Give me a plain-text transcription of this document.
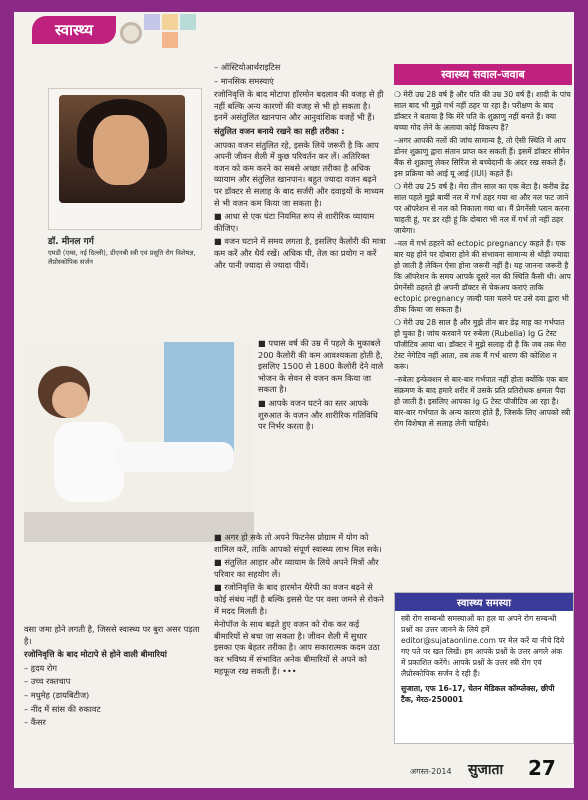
स्वास्थ्य
डॉ. मीनल गर्ग
एमडी (एम्स, नई दिल्ली), डीएनबी स्त्री एवं प्रसूति रोग विशेषज्ञ, लैप्रोस्कोपिक सर्जन

वसा जमा होने लगती है, जिससे स्वास्थ्य पर बुरा असर पड़ता है।

रजोनिवृत्ति के बाद मोटापे से होने वाली बीमारियां

– हृदय रोग

– उच्च रक्तचाप

– मधुमेह (डायबिटीज)

– नींद में सांस की रुकावट

– कैंसर

– ऑस्टियोआर्थराइटिस

– मानसिक समस्याएं

रजोनिवृत्ति के बाद मोटापा हॉरमोन बदलाव की वजह से ही नहीं बल्कि अन्य कारणों की वजह से भी हो सकता है। इनमें असंतुलित खानपान और आनुवांशिक वजहें भी हैं।

संतुलित वजन बनाये रखने का सही तरीका :

आपका वजन संतुलित रहे, इसके लिये जरूरी है कि आप अपनी जीवन शैली में कुछ परिवर्तन कर लें। अतिरिक्त वजन को कम करने का सबसे अच्छा तरीका है अधिक व्यायाम और संतुलित खानपान। बहुत ज्यादा वजन बढ़ने पर डॉक्टर से सलाह के बाद सर्जरी और दवाइयों के माध्यम से भी वजन कम किया जा सकता है।

■ आधा से एक घंटा नियमित रूप से शारीरिक व्यायाम कीजिए।

■ वजन घटाने में समय लगता है, इसलिए कैलोरी की मात्रा कम करें और धैर्य रखें। अधिक घी, तेल का प्रयोग न करें और पानी ज्यादा से ज्यादा पीयें।

■ पचास वर्ष की उम्र में पहले के मुकाबले 200 कैलोरी की कम आवश्यकता होती है, इसलिए 1500 से 1800 कैलोरी देने वाले भोजन के सेवन से वजन कम किया जा सकता है।

■ आपके वजन घटने का स्तर आपके शुरुआत के वजन और शारीरिक गतिविधि पर निर्भर करता है।

■ अगर हो सके तो अपने फिटनेस प्रोग्राम में योग को शामिल करें, ताकि आपको संपूर्ण स्वास्थ्य लाभ मिल सके।

■ संतुलित आहार और व्यायाम के लिये अपने मित्रों और परिवार का सहयोग लें।

■ रजोनिवृत्ति के बाद हारमोन थैरेपी का वजन बढ़ने से कोई संबंध नहीं है बल्कि इससे पेट पर वसा जमने से रोकने में मदद मिलती है।

मेनोपॉज के साथ बढ़ते हुए वजन को रोक कर कई बीमारियों से बचा जा सकता है। जीवन शैली में सुधार इसका एक बेहतर तरीका है। आप सकारात्मक कदम उठा कर भविष्य में संभावित अनेक बीमारियों से अपने को महफूज रख सकती हैं। •••

स्वास्थ्य सवाल-जवाब

❍ मेरी उम्र 28 वर्ष है और पति की उम्र 30 वर्ष है। शादी के पांच साल बाद भी मुझे गर्भ नहीं ठहर पा रहा है। परीक्षण के बाद डॉक्टर ने बताया है कि मेरे पति के शुक्राणु नहीं बनते हैं। क्या बच्चा गोद लेने के अलावा कोई विकल्प है?

–अगर आपकी नलों की जांच सामान्य है, तो ऐसी स्थिति में आप डोनर शुक्राणु द्वारा संतान प्राप्त कर सकती हैं। इसमें डॉक्टर सीमेन बैंक से शुक्राणु लेकर सिरिंज से बच्चेदानी के अंदर रख सकते हैं। इस प्रक्रिया को आई यू आई (IUI) कहते हैं।

❍ मेरी उम्र 25 वर्ष है। मेरा तीन साल का एक बेटा है। करीब डेढ़ साल पहले मुझे बायीं नल में गर्भ ठहर गया था और नल फट जाने पर ऑपरेशन से नल को निकाला गया था। मैं प्रेगनेंसी प्लान करना चाहती हूं, पर डर रही हूं कि दोबारा भी नल में गर्भ तो नहीं ठहर जायेगा।

–नल में गर्भ ठहरने को ectopic pregnancy कहते हैं। एक बार यह होने पर दोबारा होने की संभावना सामान्य से थोड़ी ज्यादा हो जाती है लेकिन ऐसा होना जरूरी नहीं है। यह जानना जरूरी है कि ऑपरेशन के समय आपके दूसरे नल की स्थिति कैसी थी। आप प्रेगनेंसी ठहरते ही अपनी डॉक्टर से चेकअप कराएं ताकि ectopic pregnancy जल्दी पता चलने पर उसे दवा द्वारा भी ठीक किया जा सकता है।

❍ मेरी उम्र 28 साल है और मुझे तीन बार डेढ़ माह का गर्भपात हो चुका है। जांच करवाने पर रुबेला (Rubella) Ig G टेस्ट पॉजीटिव आया था। डॉक्टर ने मुझे सलाह दी है कि जब तक मेरा टेस्ट नेगेटिव नहीं आता, तब तक मैं गर्भ धारण की कोशिश न करूं।

–रुबेला इन्फेक्शन से बार-बार गर्भपात नहीं होता क्योंकि एक बार संक्रमण के बाद हमारे शरीर में उसके प्रति प्रतिरोधक क्षमता पैदा हो जाती है। इसलिए आपका Ig G टेस्ट पॉजीटिव आ रहा है। बार-बार गर्भपात के अन्य कारण होते हैं, जिसके लिए आपको स्त्री रोग विशेषज्ञ से सलाह लेनी चाहिये।

स्वास्थ्य समस्या
स्त्री रोग सम्बन्धी समस्याओं का हल या अपने रोग सम्बन्धी प्रश्नों का उत्तर जानने के लिये हमें editor@sujataonline.com पर मेल करें या नीचे दिये गए पते पर खत लिखें। हम आपके प्रश्नों के उत्तर अगले अंक में प्रकाशित करेंगे। आपके प्रश्नों के उत्तर स्त्री रोग एवं लैप्रोस्कोपिक सर्जन दे रही हैं।
सुजाता, एफ 16-17, चेतन मेडिकल कॉम्प्लेक्स, छीपी टैंक, मेरठ-250001
अगस्त-2014 सुजाता 27
